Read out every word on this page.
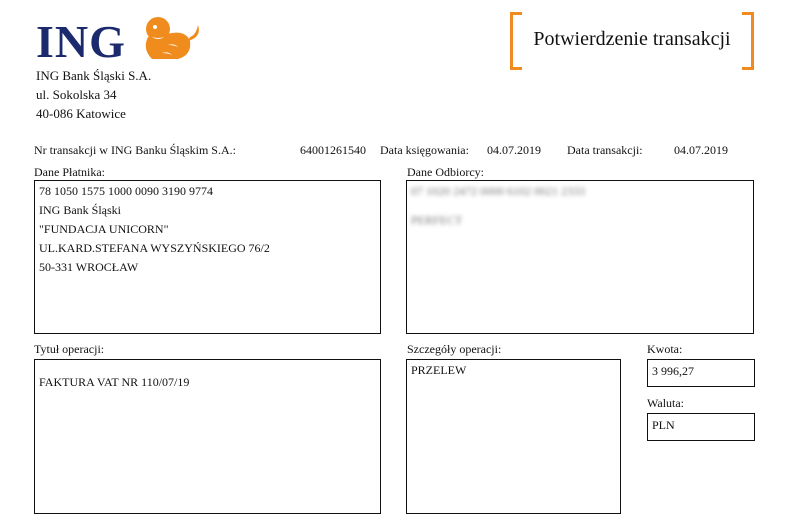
ING
ING Bank Śląski S.A.
ul. Sokolska 34
40-086 Katowice
Potwierdzenie transakcji
Nr transakcji w ING Banku Śląskim S.A.:	64001261540 Data księgowania: 04.07.2019 Data transakcji:	04.07.2019
Dane Płatnika:
78 1050 1575 1000 0090 3190 9774
ING Bank Śląski
"FUNDACJA UNICORN"
UL.KARD.STEFANA WYSZYŃSKIEGO 76/2
50-331 WROCŁAW
Dane Odbiorcy:
07 1020 2472 0000 6102 0021 2333
PERFECT
Tytuł operacji:
FAKTURA VAT NR 110/07/19
Szczegóły operacji:
PRZELEW
Kwota:
3 996,27
Waluta:
PLN
